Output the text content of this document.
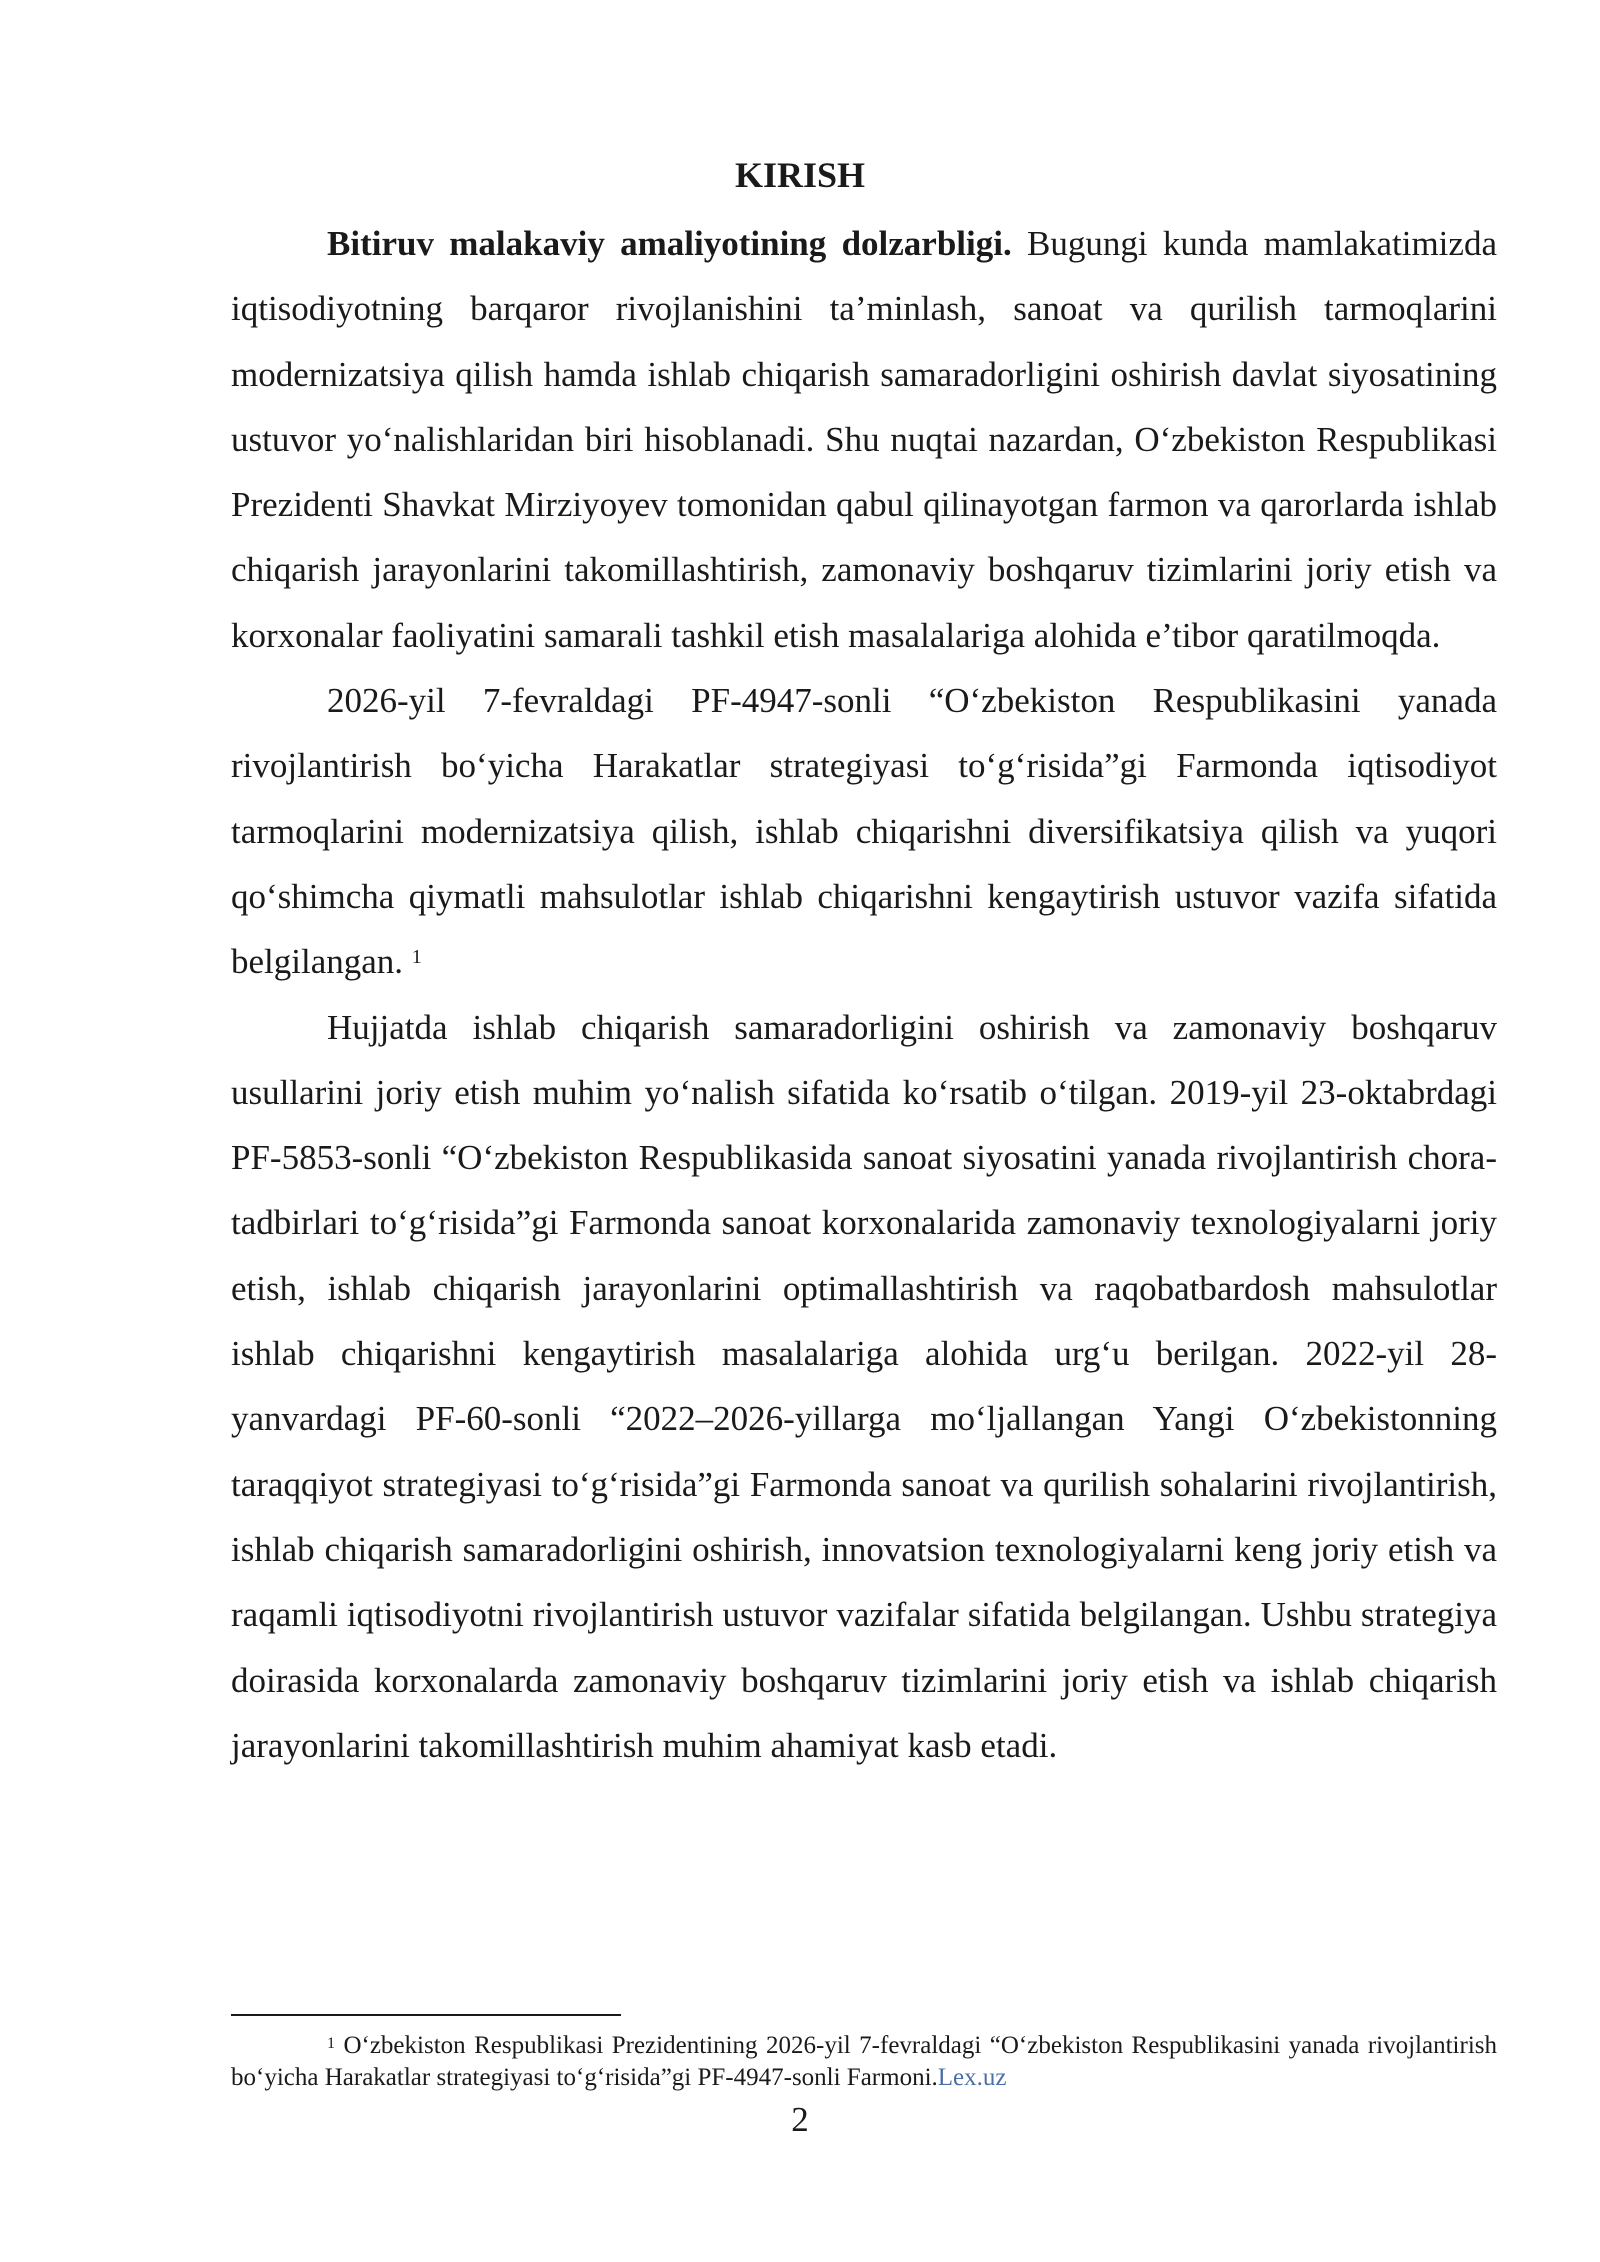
KIRISH

Bitiruv malakaviy amaliyotining dolzarbligi. Bugungi kunda mamlakatimizda iqtisodiyotning barqaror rivojlanishini ta’minlash, sanoat va qurilish tarmoqlarini modernizatsiya qilish hamda ishlab chiqarish samaradorligini oshirish davlat siyosatining ustuvor yo‘nalishlaridan biri hisoblanadi. Shu nuqtai nazardan, O‘zbekiston Respublikasi Prezidenti Shavkat Mirziyoyev tomonidan qabul qilinayotgan farmon va qarorlarda ishlab chiqarish jarayonlarini takomillashtirish, zamonaviy boshqaruv tizimlarini joriy etish va korxonalar faoliyatini samarali tashkil etish masalalariga alohida e’tibor qaratilmoqda.

2026-yil 7-fevraldagi PF-4947-sonli “O‘zbekiston Respublikasini yanada rivojlantirish bo‘yicha Harakatlar strategiyasi to‘g‘risida”gi Farmonda iqtisodiyot tarmoqlarini modernizatsiya qilish, ishlab chiqarishni diversifikatsiya qilish va yuqori qo‘shimcha qiymatli mahsulotlar ishlab chiqarishni kengaytirish ustuvor vazifa sifatida belgilangan. $^1$

Hujjatda ishlab chiqarish samaradorligini oshirish va zamonaviy boshqaruv usullarini joriy etish muhim yo‘nalish sifatida ko‘rsatib o‘tilgan. 2019-yil 23-oktabrdagi PF-5853-sonli “O‘zbekiston Respublikasida sanoat siyosatini yanada rivojlantirish chora-tadbirlari to‘g‘risida”gi Farmonda sanoat korxonalarida zamonaviy texnologiyalarni joriy etish, ishlab chiqarish jarayonlarini optimallashtirish va raqobatbardosh mahsulotlar ishlab chiqarishni kengaytirish masalalariga alohida urg‘u berilgan. 2022-yil 28-yanvardagi PF-60-sonli “2022–2026-yillarga mo‘ljallangan Yangi O‘zbekistonning taraqqiyot strategiyasi to‘g‘risida”gi Farmonda sanoat va qurilish sohalarini rivojlantirish, ishlab chiqarish samaradorligini oshirish, innovatsion texnologiyalarni keng joriy etish va raqamli iqtisodiyotni rivojlantirish ustuvor vazifalar sifatida belgilangan. Ushbu strategiya doirasida korxonalarda zamonaviy boshqaruv tizimlarini joriy etish va ishlab chiqarish jarayonlarini takomillashtirish muhim ahamiyat kasb etadi.

$^1$ O‘zbekiston Respublikasi Prezidentining 2026-yil 7-fevraldagi “O‘zbekiston Respublikasini yanada rivojlantirish bo‘yicha Harakatlar strategiyasi to‘g‘risida”gi PF-4947-sonli Farmoni.Lex.uz

2
